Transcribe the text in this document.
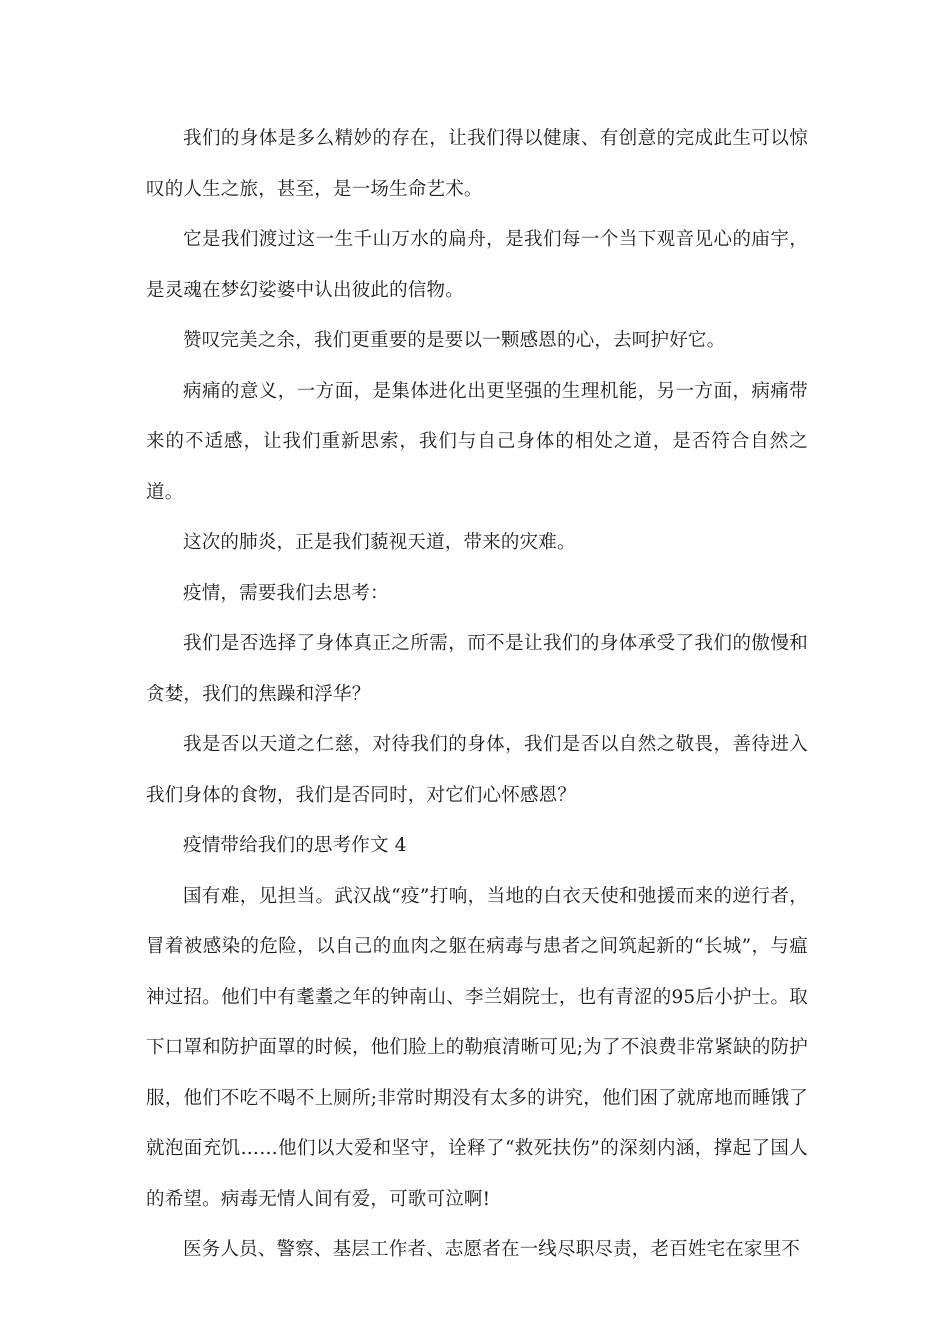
我们的身体是多么精妙的存在，让我们得以健康、有创意的完成此生可以惊叹的人生之旅，甚至，是一场生命艺术。

它是我们渡过这一生千山万水的扁舟，是我们每一个当下观音见心的庙宇，是灵魂在梦幻娑婆中认出彼此的信物。

赞叹完美之余，我们更重要的是要以一颗感恩的心，去呵护好它。

病痛的意义，一方面，是集体进化出更坚强的生理机能，另一方面，病痛带来的不适感，让我们重新思索，我们与自己身体的相处之道，是否符合自然之道。

这次的肺炎，正是我们藐视天道，带来的灾难。

疫情，需要我们去思考：

我们是否选择了身体真正之所需，而不是让我们的身体承受了我们的傲慢和贪婪，我们的焦躁和浮华？

我是否以天道之仁慈，对待我们的身体，我们是否以自然之敬畏，善待进入我们身体的食物，我们是否同时，对它们心怀感恩？

疫情带给我们的思考作文 4

国有难，见担当。武汉战“疫”打响，当地的白衣天使和弛援而来的逆行者，冒着被感染的危险，以自己的血肉之躯在病毒与患者之间筑起新的“长城”，与瘟神过招。他们中有耄耋之年的钟南山、李兰娟院士，也有青涩的95后小护士。取下口罩和防护面罩的时候，他们脸上的勒痕清晰可见;为了不浪费非常紧缺的防护服，他们不吃不喝不上厕所;非常时期没有太多的讲究，他们困了就席地而睡饿了就泡面充饥……他们以大爱和坚守，诠释了“救死扶伤”的深刻内涵，撑起了国人的希望。病毒无情人间有爱，可歌可泣啊!

医务人员、警察、基层工作者、志愿者在一线尽职尽责，老百姓宅在家里不
